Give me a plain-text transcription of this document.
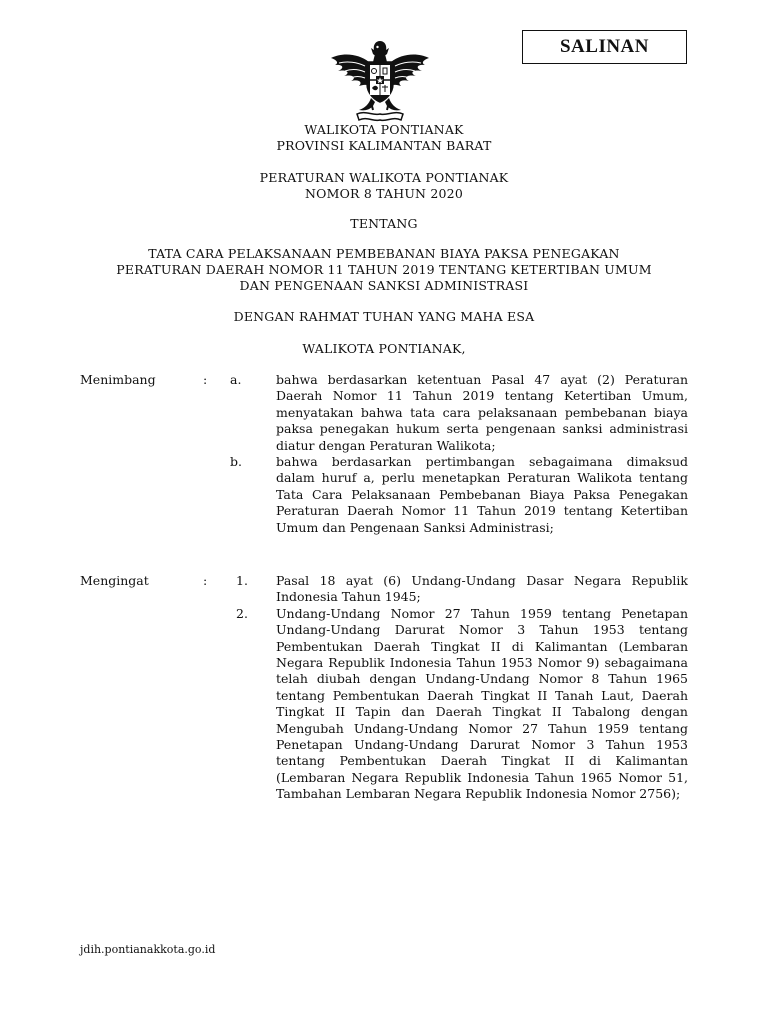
SALINAN
WALIKOTA PONTIANAK
PROVINSI KALIMANTAN BARAT
PERATURAN WALIKOTA PONTIANAK
NOMOR 8 TAHUN 2020
TENTANG
TATA CARA PELAKSANAAN PEMBEBANAN BIAYA PAKSA PENEGAKAN
PERATURAN DAERAH NOMOR 11 TAHUN 2019 TENTANG KETERTIBAN UMUM
DAN PENGENAAN SANKSI ADMINISTRASI
DENGAN RAHMAT TUHAN YANG MAHA ESA
WALIKOTA PONTIANAK,
Menimbang	: a.	bahwa berdasarkan ketentuan Pasal 47 ayat (2) Peraturan Daerah Nomor 11 Tahun 2019 tentang Ketertiban Umum, menyatakan bahwa tata cara pelaksanaan pembebanan biaya paksa penegakan hukum serta pengenaan sanksi administrasi diatur dengan Peraturan Walikota;
b.	bahwa berdasarkan pertimbangan sebagaimana dimaksud dalam huruf a, perlu menetapkan Peraturan Walikota tentang Tata Cara Pelaksanaan Pembebanan Biaya Paksa Penegakan Peraturan Daerah Nomor 11 Tahun 2019 tentang Ketertiban Umum dan Pengenaan Sanksi Administrasi;
Mengingat	: 1. Pasal 18 ayat (6) Undang-Undang Dasar Negara Republik Indonesia Tahun 1945;
2. Undang-Undang Nomor 27 Tahun 1959 tentang Penetapan Undang-Undang Darurat Nomor 3 Tahun 1953 tentang Pembentukan Daerah Tingkat II di Kalimantan (Lembaran Negara Republik Indonesia Tahun 1953 Nomor 9) sebagaimana telah diubah dengan Undang-Undang Nomor 8 Tahun 1965 tentang Pembentukan Daerah Tingkat II Tanah Laut, Daerah Tingkat II Tapin dan Daerah Tingkat II Tabalong dengan Mengubah Undang-Undang Nomor 27 Tahun 1959 tentang Penetapan Undang-Undang Darurat Nomor 3 Tahun 1953 tentang Pembentukan Daerah Tingkat II di Kalimantan (Lembaran Negara Republik Indonesia Tahun 1965 Nomor 51, Tambahan Lembaran Negara Republik Indonesia Nomor 2756);
jdih.pontianakkota.go.id
